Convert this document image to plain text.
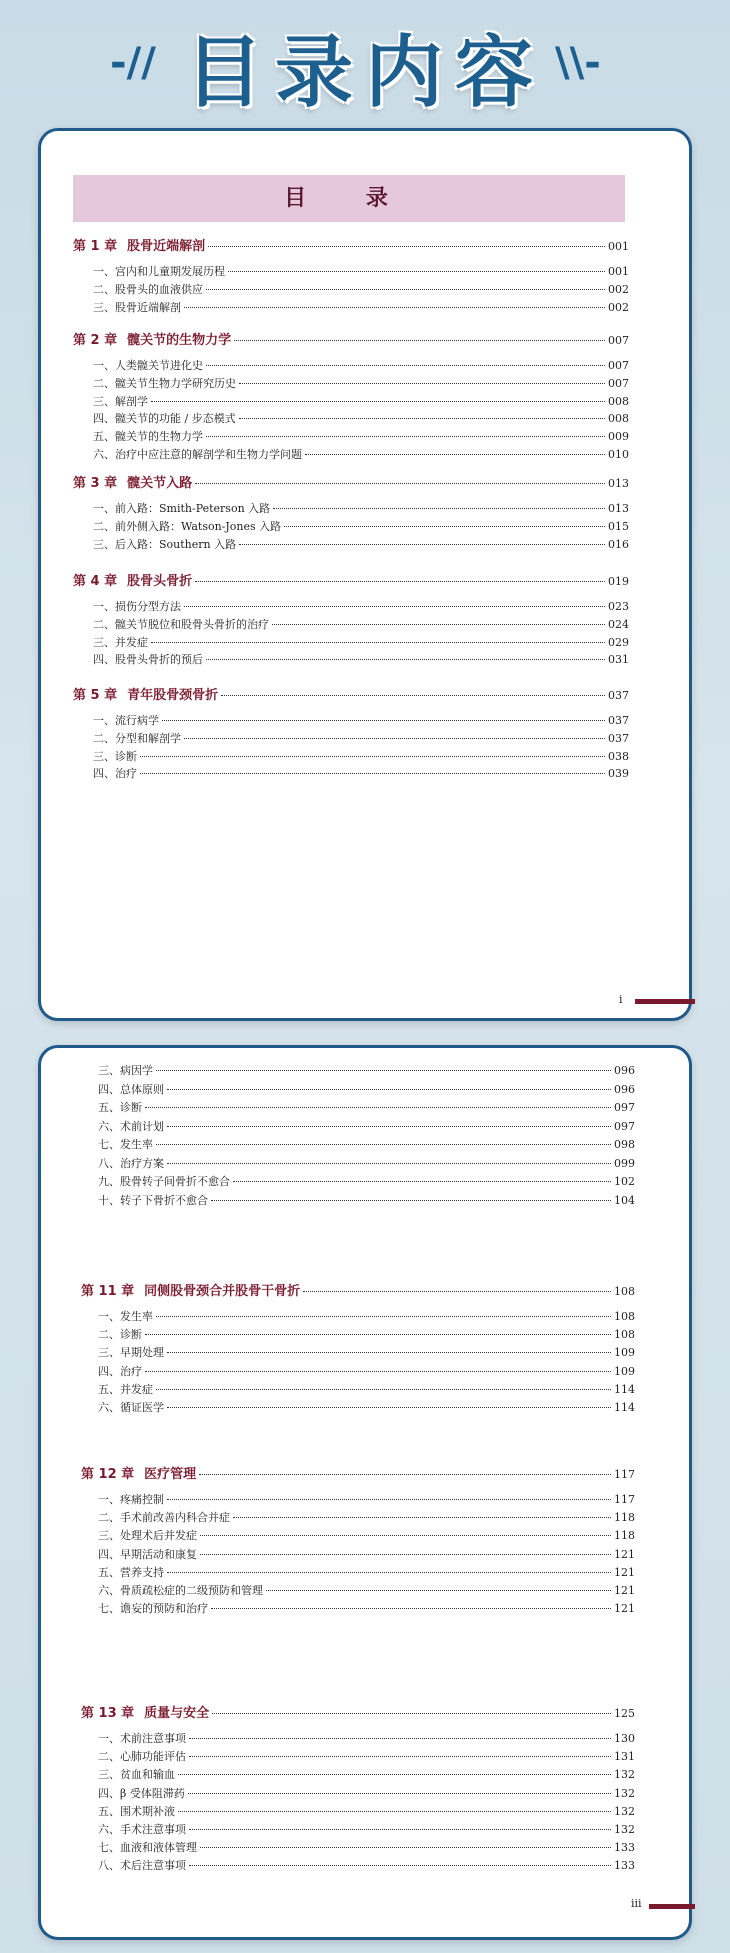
-// 目录内容 \\-
目 录
第 1 章 股骨近端解剖	001
一、宫内和儿童期发展历程	001
二、股骨头的血液供应	002
三、股骨近端解剖	002
第 2 章 髋关节的生物力学	007
一、人类髋关节进化史	007
二、髋关节生物力学研究历史	007
三、解剖学	008
四、髋关节的功能 / 步态模式	008
五、髋关节的生物力学	009
六、治疗中应注意的解剖学和生物力学问题	010
第 3 章 髋关节入路	013
一、前入路：Smith-Peterson 入路	013
二、前外侧入路：Watson-Jones 入路	015
三、后入路：Southern 入路	016
第 4 章 股骨头骨折	019
一、损伤分型方法	023
二、髋关节脱位和股骨头骨折的治疗	024
三、并发症	029
四、股骨头骨折的预后	031
第 5 章 青年股骨颈骨折	037
一、流行病学	037
二、分型和解剖学	037
三、诊断	038
四、治疗	039
i
三、病因学	096
四、总体原则	096
五、诊断	097
六、术前计划	097
七、发生率	098
八、治疗方案	099
九、股骨转子间骨折不愈合	102
十、转子下骨折不愈合	104
第 11 章 同侧股骨颈合并股骨干骨折	108
一、发生率	108
二、诊断	108
三、早期处理	109
四、治疗	109
五、并发症	114
六、循证医学	114
第 12 章 医疗管理	117
一、疼痛控制	117
二、手术前改善内科合并症	118
三、处理术后并发症	118
四、早期活动和康复	121
五、营养支持	121
六、骨质疏松症的二级预防和管理	121
七、谵妄的预防和治疗	121
第 13 章 质量与安全	125
一、术前注意事项	130
二、心肺功能评估	131
三、贫血和输血	132
四、β 受体阻滞药	132
五、围术期补液	132
六、手术注意事项	132
七、血液和液体管理	133
八、术后注意事项	133
iii
